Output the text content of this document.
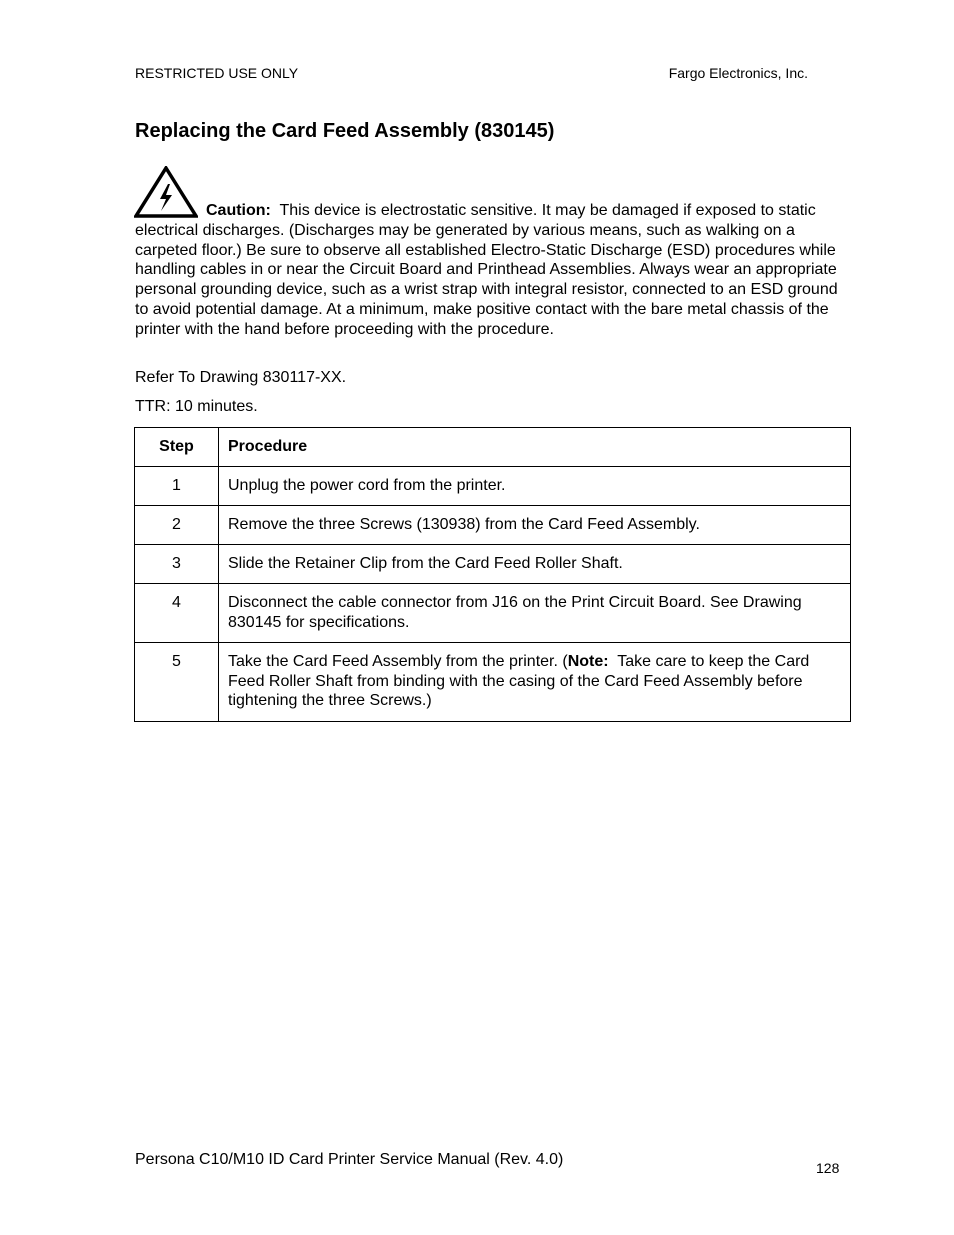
RESTRICTED USE ONLY	Fargo Electronics, Inc.
Replacing the Card Feed Assembly (830145)
Caution: This device is electrostatic sensitive. It may be damaged if exposed to static electrical discharges. (Discharges may be generated by various means, such as walking on a carpeted floor.) Be sure to observe all established Electro-Static Discharge (ESD) procedures while handling cables in or near the Circuit Board and Printhead Assemblies. Always wear an appropriate personal grounding device, such as a wrist strap with integral resistor, connected to an ESD ground to avoid potential damage. At a minimum, make positive contact with the bare metal chassis of the printer with the hand before proceeding with the procedure.
Refer To Drawing 830117-XX.
TTR: 10 minutes.
Step	Procedure
1	Unplug the power cord from the printer.
2	Remove the three Screws (130938) from the Card Feed Assembly.
3	Slide the Retainer Clip from the Card Feed Roller Shaft.
4	Disconnect the cable connector from J16 on the Print Circuit Board. See Drawing 830145 for specifications.
5	Take the Card Feed Assembly from the printer. (Note: Take care to keep the Card Feed Roller Shaft from binding with the casing of the Card Feed Assembly before tightening the three Screws.)
Persona C10/M10 ID Card Printer Service Manual (Rev. 4.0)	128
